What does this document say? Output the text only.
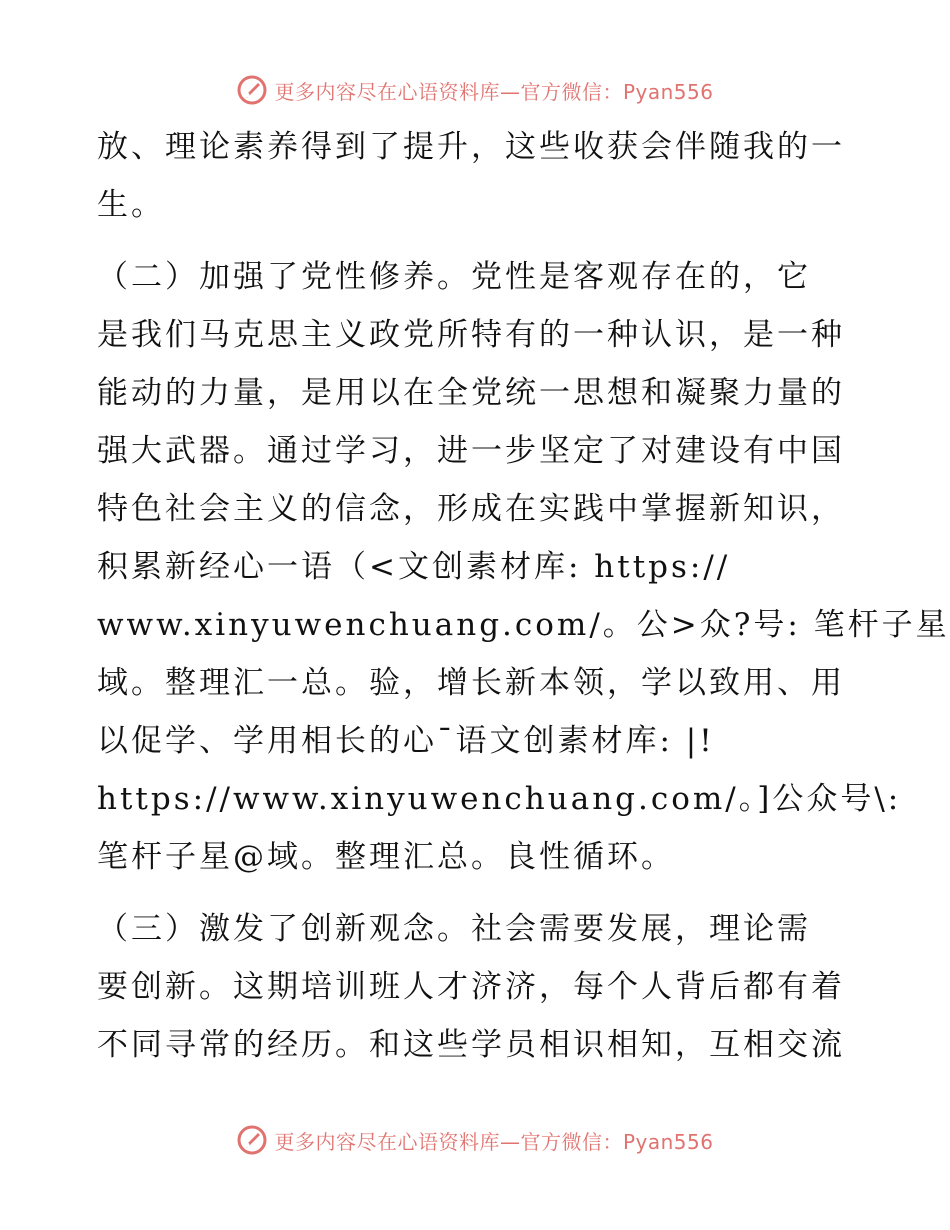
更多内容尽在心语资料库—官方微信：Pyan556
放、理论素养得到了提升，这些收获会伴随我的一
生。
（二）加强了党性修养。党性是客观存在的，它
是我们马克思主义政党所特有的一种认识，是一种
能动的力量，是用以在全党统一思想和凝聚力量的
强大武器。通过学习，进一步坚定了对建设有中国
特色社会主义的信念，形成在实践中掌握新知识，
积累新经心一语（<文创素材库: https://
www.xinyuwenchuang.com/。公>众?号: 笔杆子星
域。整理汇一总。验，增长新本领，学以致用、用
以促学、学用相长的心¯语文创素材库: |!
https://www.xinyuwenchuang.com/。]公众号\:
笔杆子星@域。整理汇总。良性循环。
（三）激发了创新观念。社会需要发展，理论需
要创新。这期培训班人才济济，每个人背后都有着
不同寻常的经历。和这些学员相识相知，互相交流
更多内容尽在心语资料库—官方微信：Pyan556
